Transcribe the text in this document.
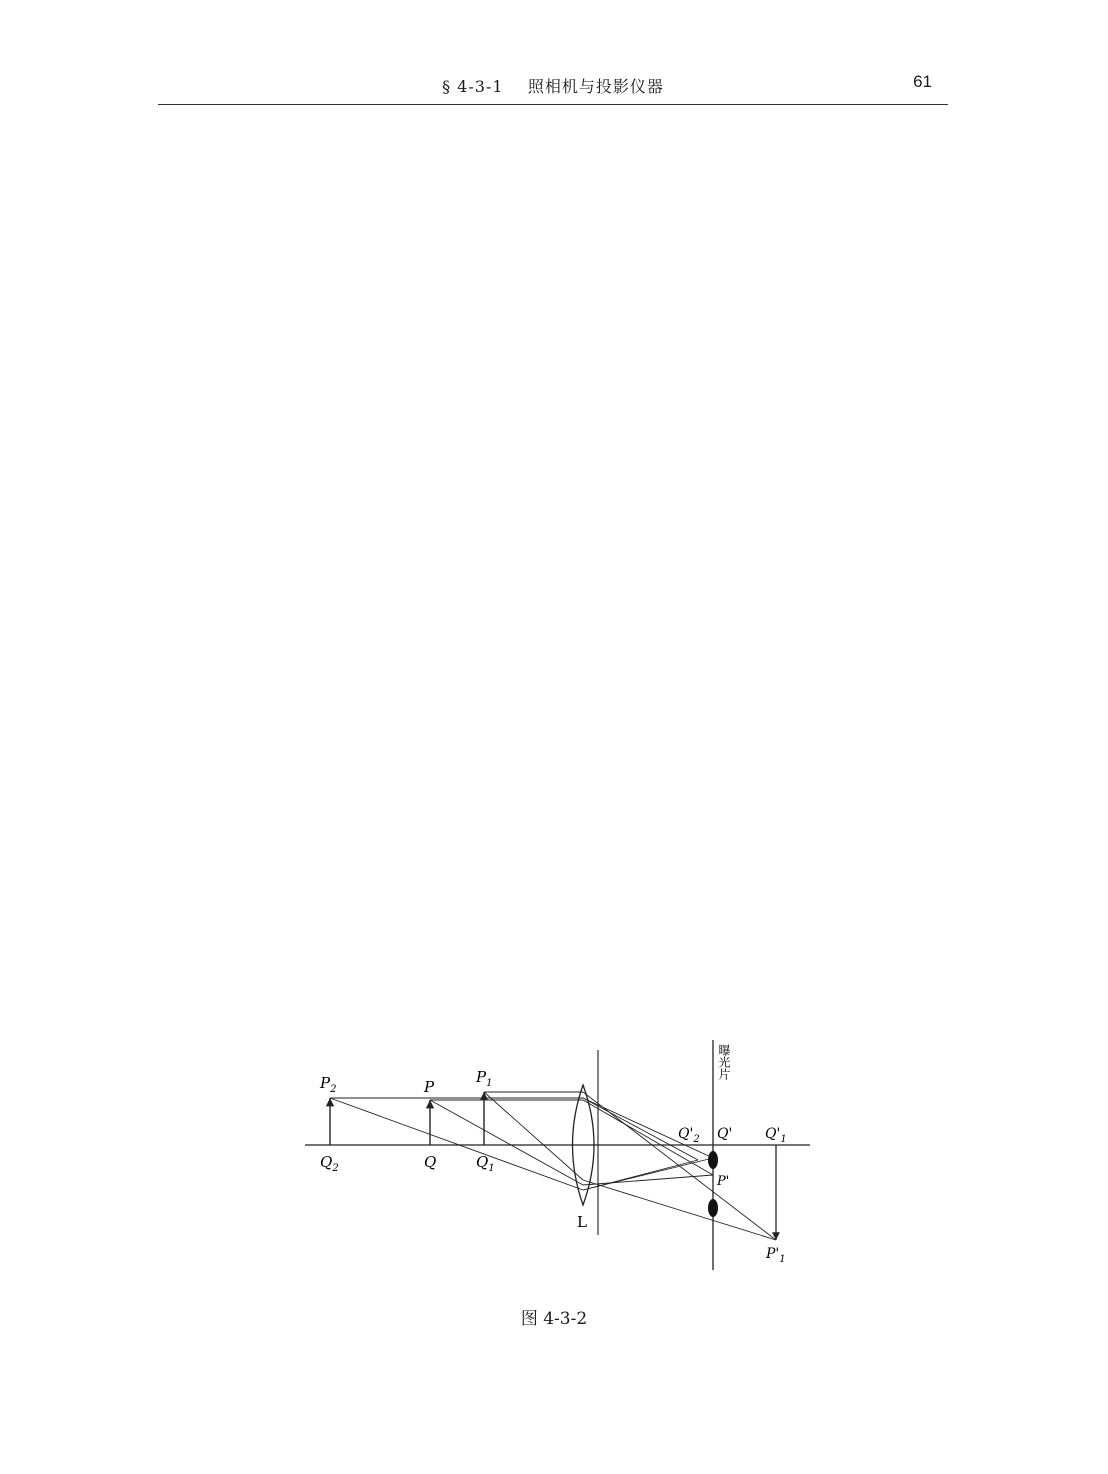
§ 4-3-1 照相机与投影仪器	61

$P_2$	P
$P_1$
$Q_2$	Q	$Q_1$
L
$Q'_2$ Q' $Q'_1$
P'
$P'_1$
曝光片
图 4-3-2
